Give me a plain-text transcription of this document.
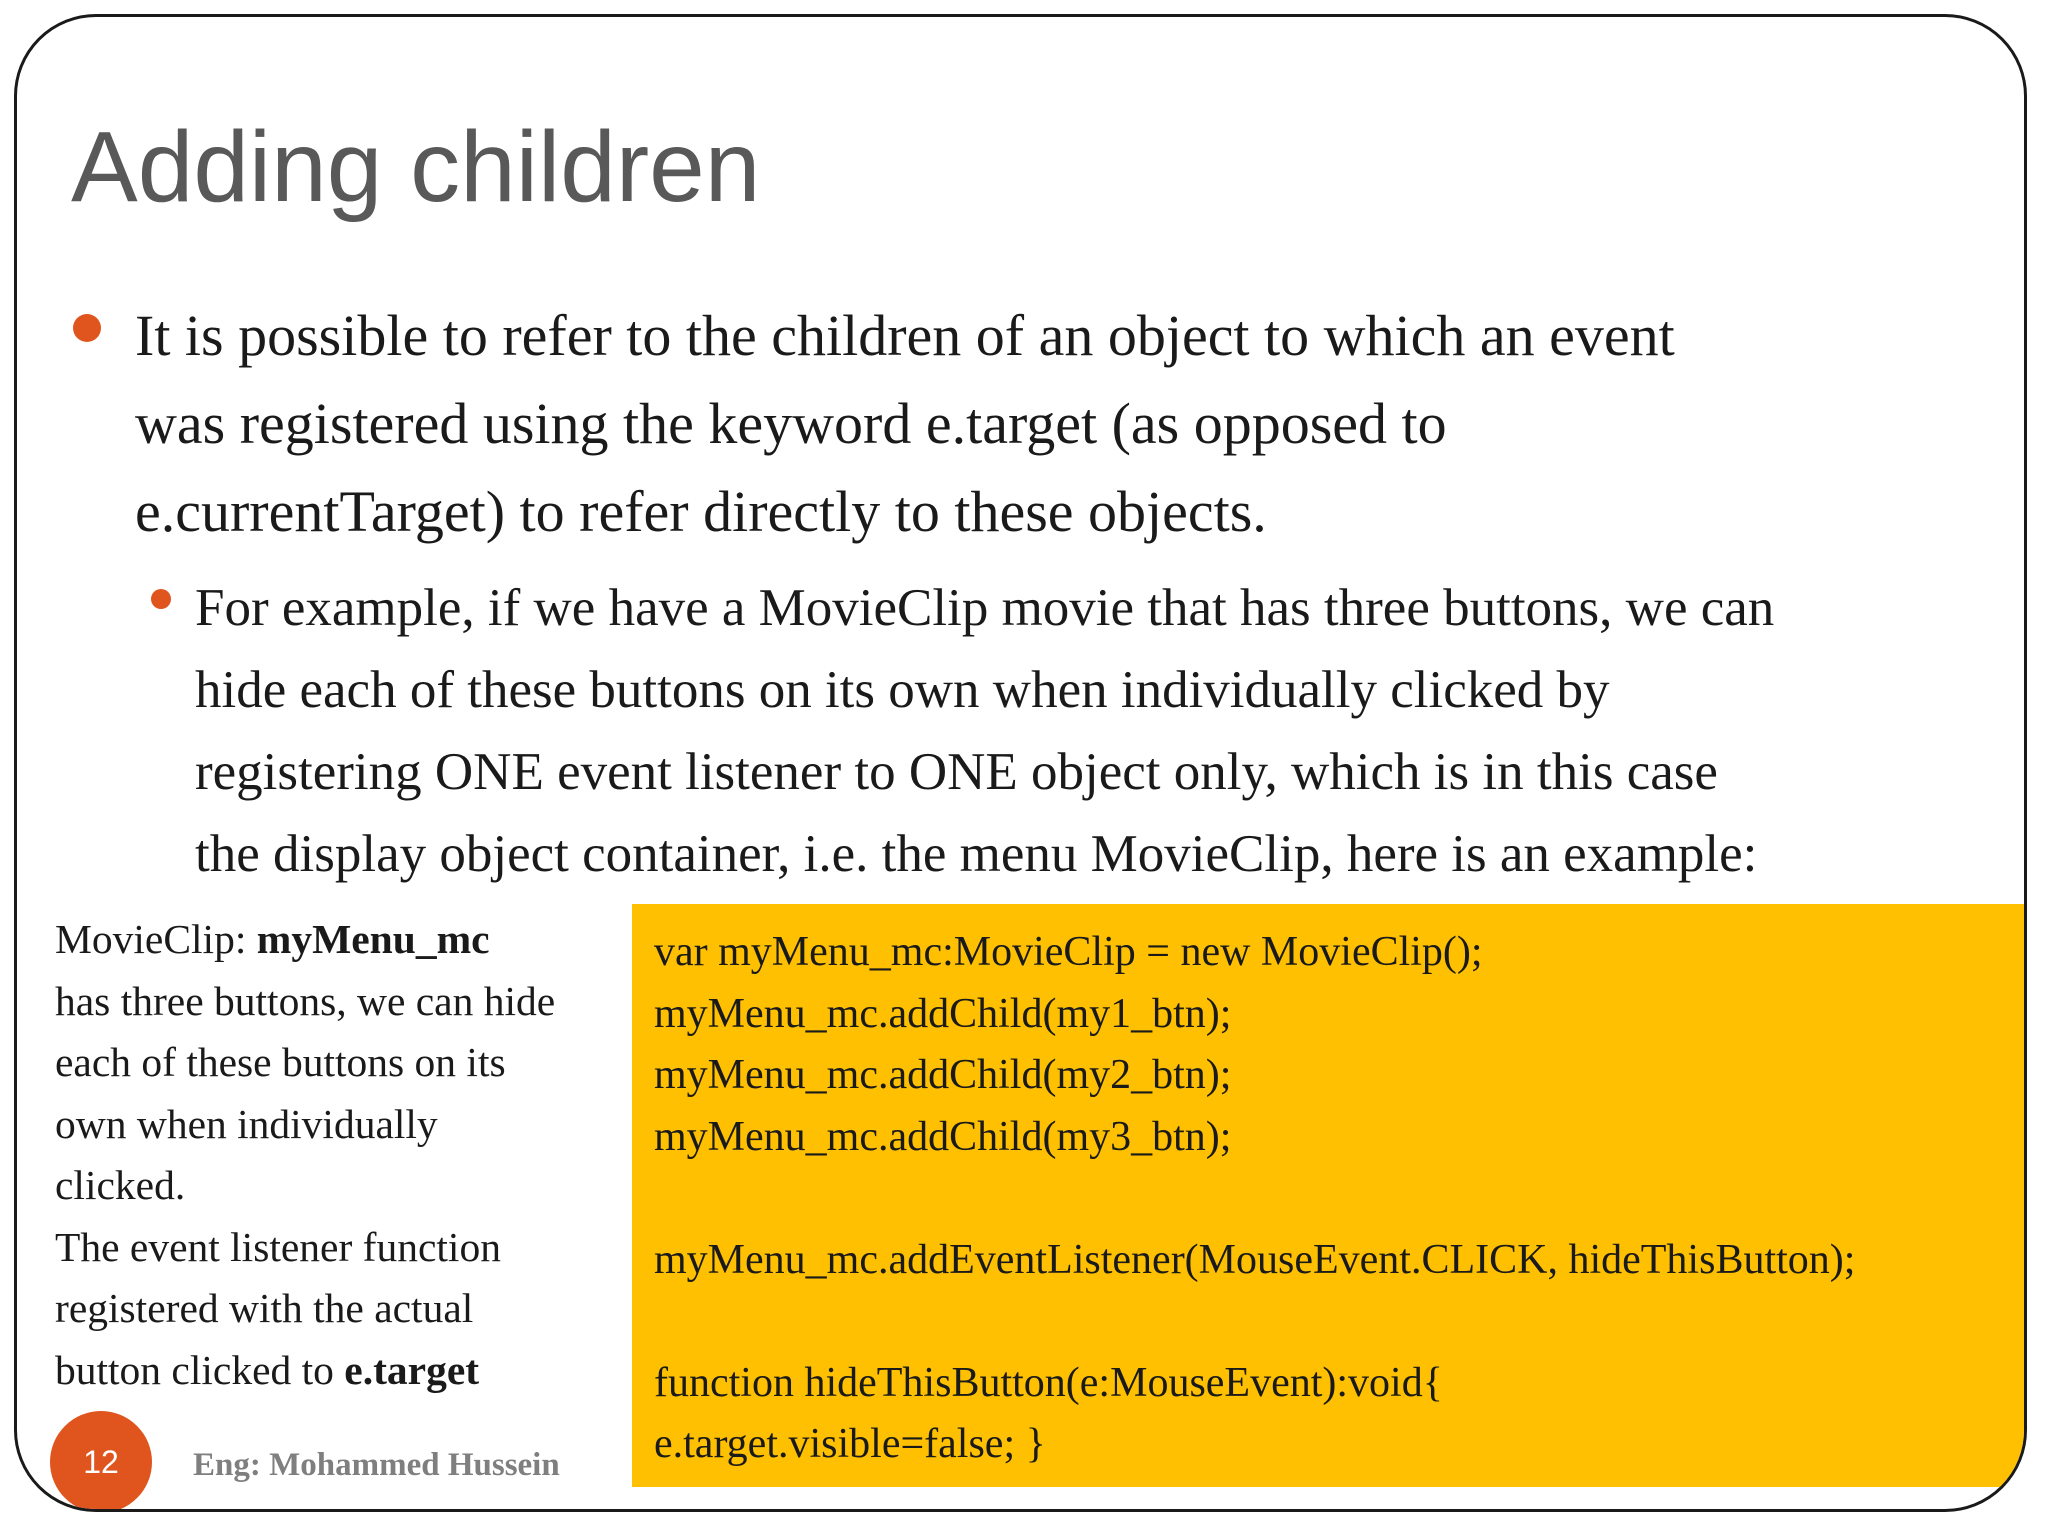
Adding children
It is possible to refer to the children of an object to which an event
was registered using the keyword e.target (as opposed to
e.currentTarget) to refer directly to these objects.
For example, if we have a MovieClip movie that has three buttons, we can
hide each of these buttons on its own when individually clicked by
registering ONE event listener to ONE object only, which is in this case
the display object container, i.e. the menu MovieClip, here is an example:
MovieClip: myMenu_mc
has three buttons, we can hide
each of these buttons on its
own when individually
clicked.
The event listener function
registered with the actual
button clicked to e.target
var myMenu_mc:MovieClip = new MovieClip();
myMenu_mc.addChild(my1_btn);
myMenu_mc.addChild(my2_btn);
myMenu_mc.addChild(my3_btn);
myMenu_mc.addEventListener(MouseEvent.CLICK, hideThisButton);
function hideThisButton(e:MouseEvent):void{
e.target.visible=false; }
12	Eng: Mohammed Hussein
